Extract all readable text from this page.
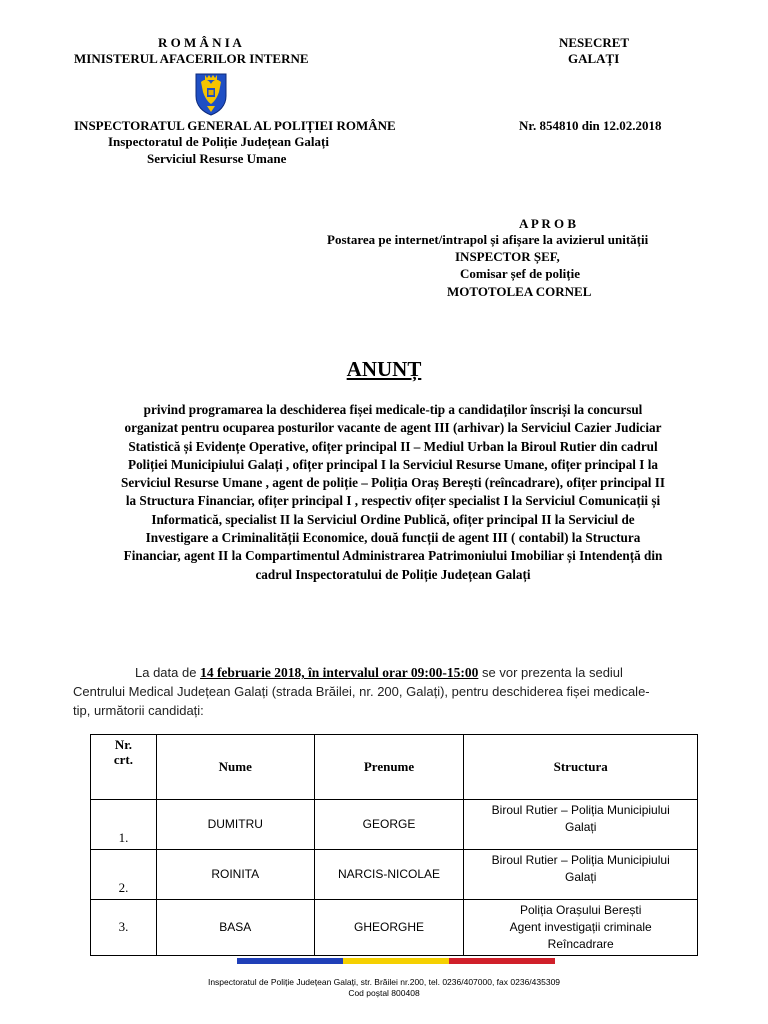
R O M Â N I A
MINISTERUL AFACERILOR INTERNE
NESECRET
GALAȚI
INSPECTORATUL GENERAL AL POLIȚIEI ROMÂNE
Inspectoratul de Poliție Județean Galați
Serviciul Resurse Umane
Nr. 854810 din 12.02.2018
A P R O B
Postarea pe internet/intrapol și afișare la avizierul unității
INSPECTOR ȘEF,
Comisar șef de poliție
MOTOTOLEA CORNEL
ANUNȚ

privind programarea la deschiderea fișei medicale-tip a candidaților înscriși la concursul

organizat pentru ocuparea posturilor vacante de agent III (arhivar) la Serviciul Cazier Judiciar

Statistică și Evidențe Operative, ofițer principal II – Mediul Urban la Biroul Rutier din cadrul

Poliției Municipiului Galați , ofițer principal I la Serviciul Resurse Umane, ofițer principal I la

Serviciul Resurse Umane , agent de poliție – Poliția Oraș Berești (reîncadrare), ofițer principal II

la Structura Financiar, ofițer principal I , respectiv ofițer specialist I la Serviciul Comunicații și

Informatică, specialist II la Serviciul Ordine Publică, ofițer principal II la Serviciul de

Investigare a Criminalității Economice, două funcții de agent III ( contabil) la Structura

Financiar, agent II la Compartimentul Administrarea Patrimoniului Imobiliar și Intendență din

cadrul Inspectoratului de Poliție Județean Galați

La data de 14 februarie 2018, în intervalul orar 09:00-15:00 se vor prezenta la sediul

Centrului Medical Județean Galați (strada Brăilei, nr. 200, Galați), pentru deschiderea fișei medicale-

tip, următorii candidați:

Nr.
crt.	Nume	Prenume	Structura
1.	DUMITRU	GEORGE	Biroul Rutier – Poliția Municipiului
Galați

2.	ROINITA	NARCIS-NICOLAE	Biroul Rutier – Poliția Municipiului
Galați

3.	BASA	GHEORGHE	Poliția Orașului Berești
Agent investigații criminale
Reîncadrare
Inspectoratul de Poliție Județean Galați, str. Brăilei nr.200, tel. 0236/407000, fax 0236/435309
Cod poștal 800408
